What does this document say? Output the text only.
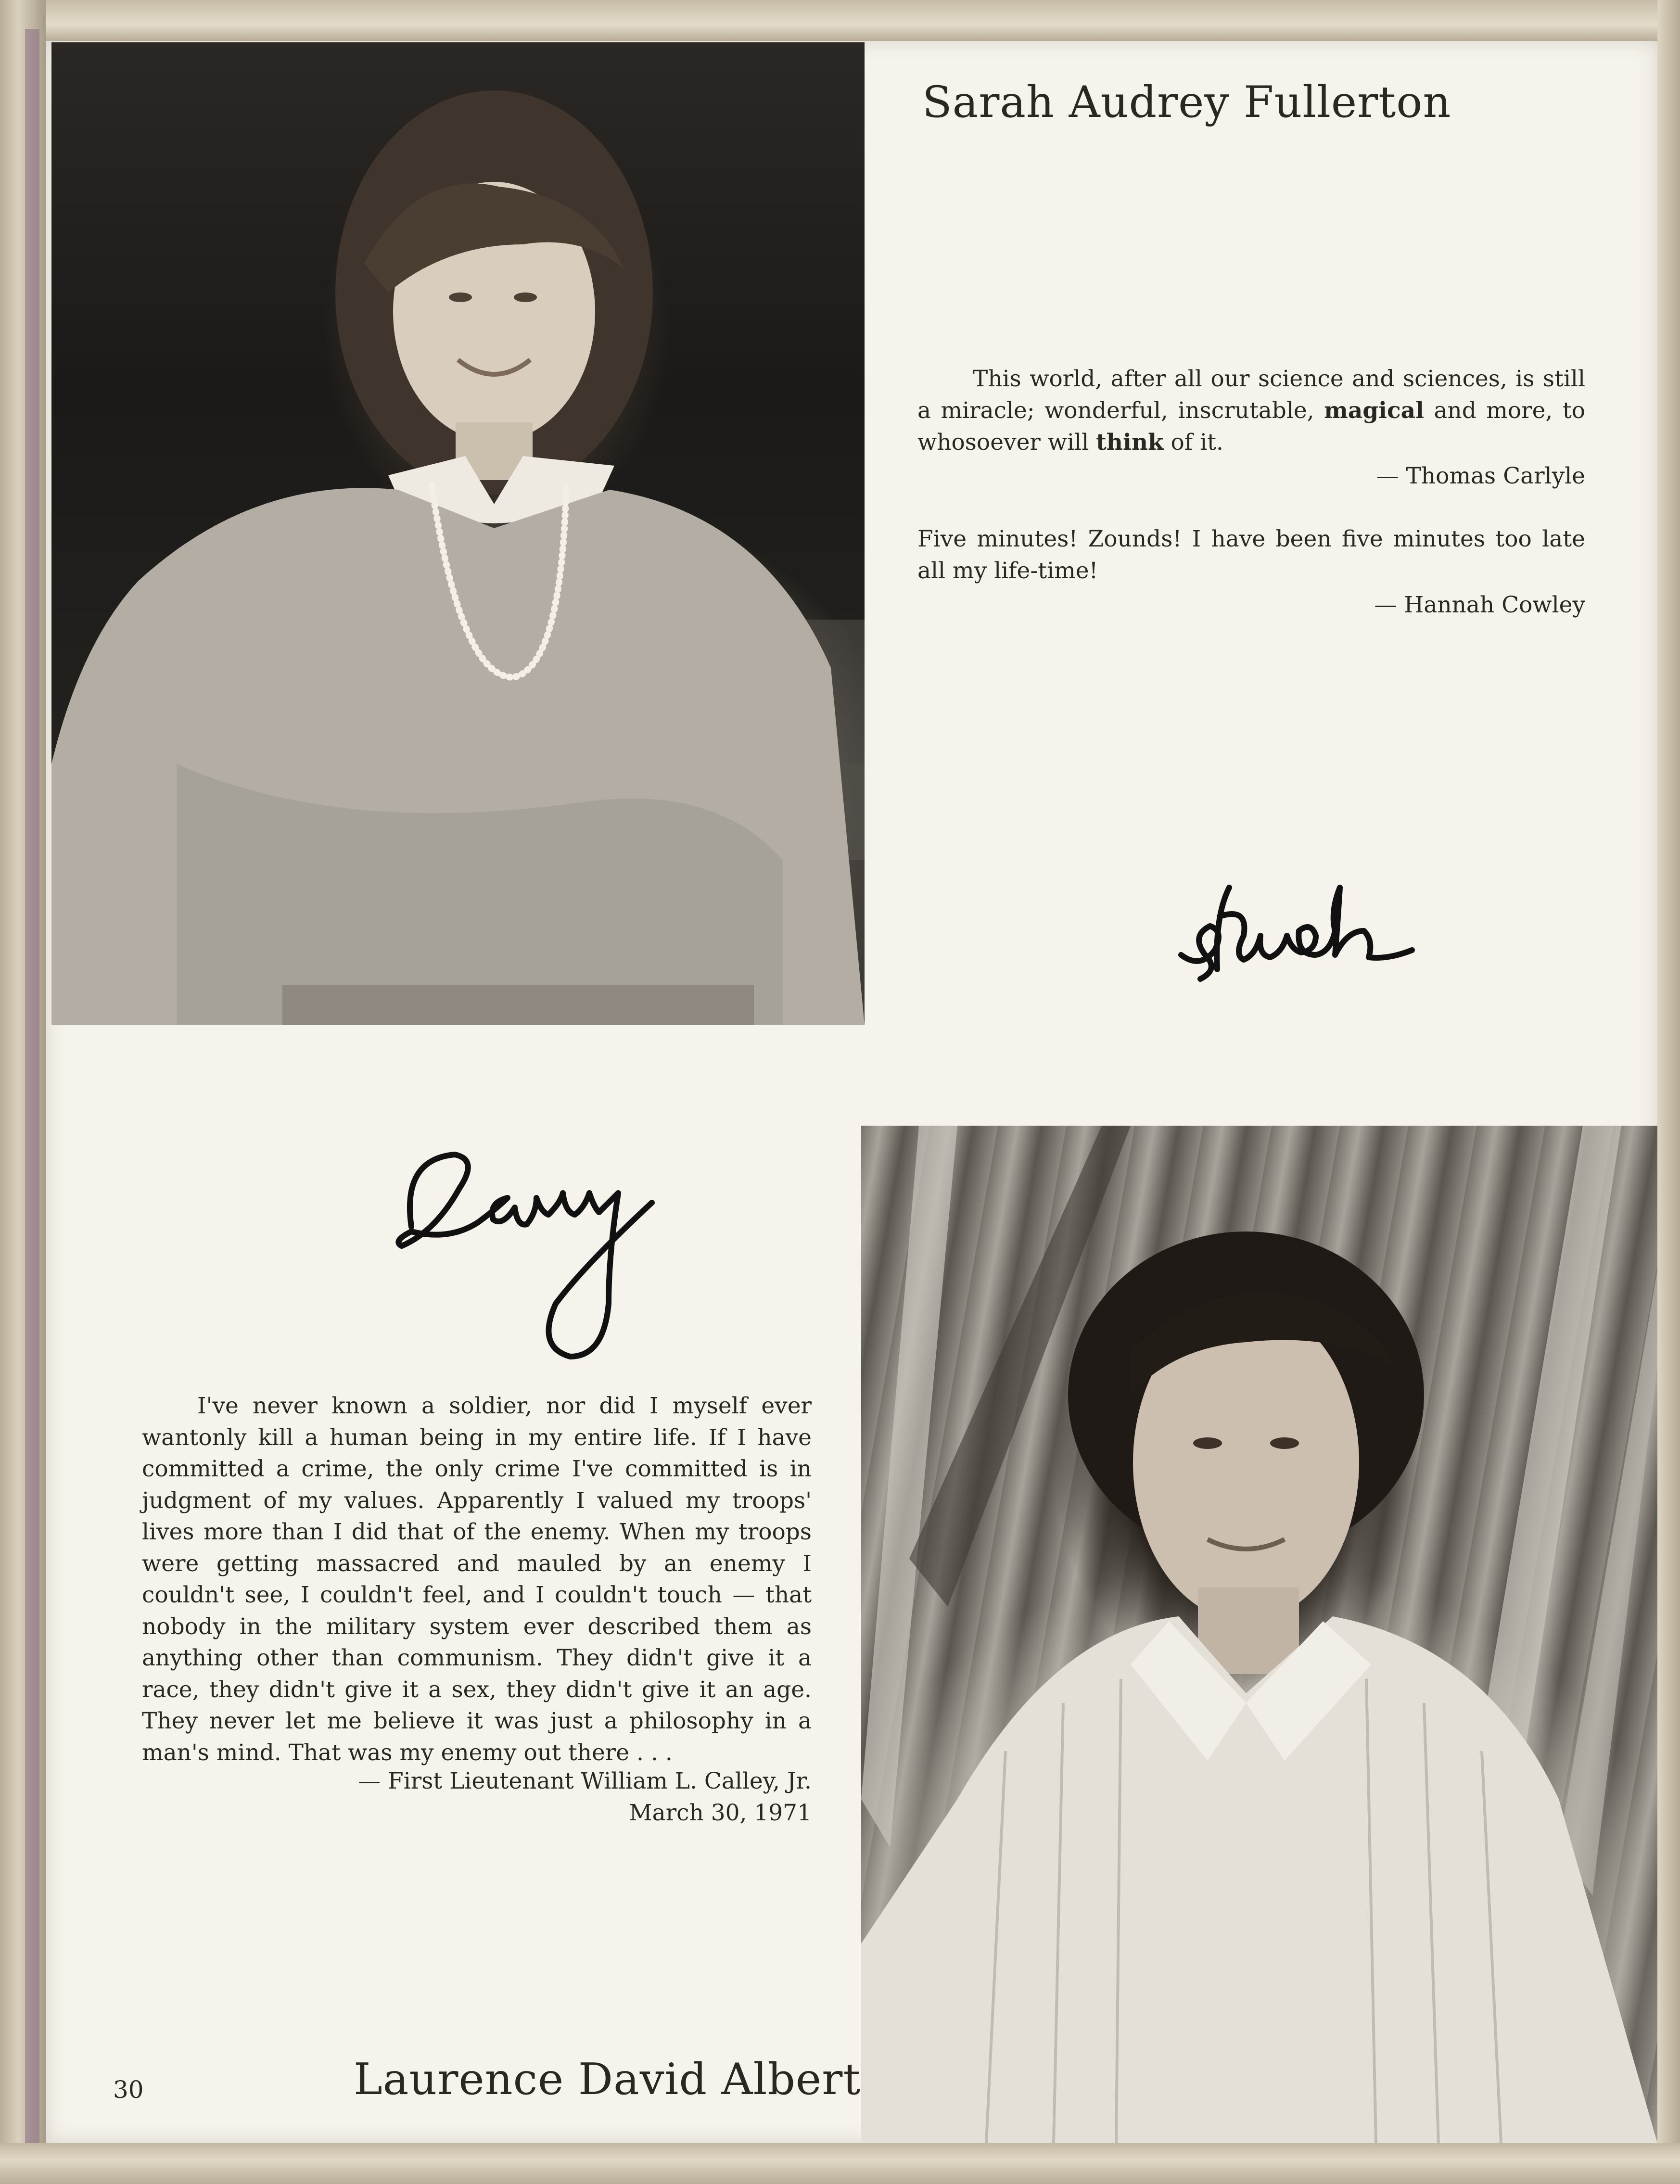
Sarah Audrey Fullerton
This world, after all our science and sciences, is still a miracle; wonderful, inscrutable, magical and more, to whosoever will think of it.
— Thomas Carlyle
Five minutes! Zounds! I have been five minutes too late all my life-time!
— Hannah Cowley
I've never known a soldier, nor did I myself ever wantonly kill a human being in my entire life. If I have committed a crime, the only crime I've committed is in judgment of my values. Apparently I valued my troops' lives more than I did that of the enemy. When my troops were getting massacred and mauled by an enemy I couldn't see, I couldn't feel, and I couldn't touch — that nobody in the military system ever described them as anything other than communism. They didn't give it a race, they didn't give it a sex, they didn't give it an age. They never let me believe it was just a philosophy in a man's mind. That was my enemy out there . . .
— First Lieutenant William L. Calley, Jr.
March 30, 1971
Laurence David Albert
30
